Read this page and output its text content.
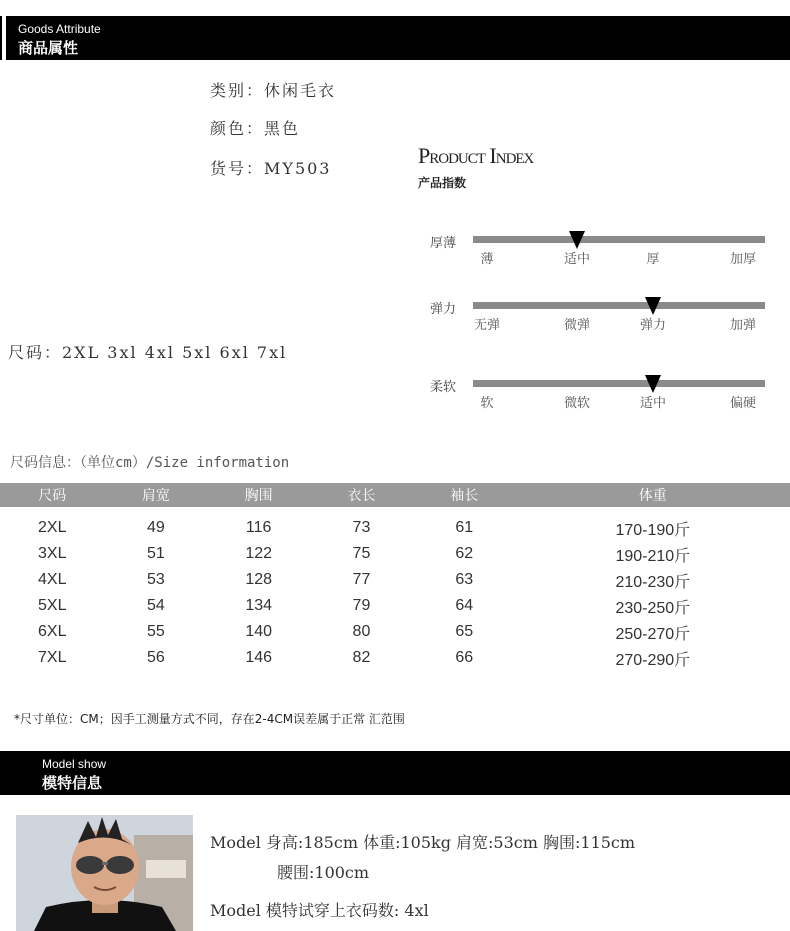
Goods Attribute
商品属性
类别：休闲毛衣
颜色：黑色
货号：MY503
尺码：2XL 3xl 4xl 5xl 6xl 7xl
Product Index
产品指数
厚薄
薄	适中	厚	加厚
弹力
无弹	微弹	弹力	加弹
柔软
软	微软	适中	偏硬
尺码信息：（单位cm）/Size information
尺码	肩宽	胸围	衣长	袖长	体重
2XL	49	116	73	61	170-190斤
3XL	51	122	75	62	190-210斤
4XL	53	128	77	63	210-230斤
5XL	54	134	79	64	230-250斤
6XL	55	140	80	65	250-270斤
7XL	56	146	82	66	270-290斤
*尺寸单位：CM；因手工测量方式不同，存在2-4CM误差属于正常 汇范围
Model show
模特信息
Model 身高:185cm 体重:105kg 肩宽:53cm 胸围:115cm
腰围:100cm
Model 模特试穿上衣码数: 4xl
